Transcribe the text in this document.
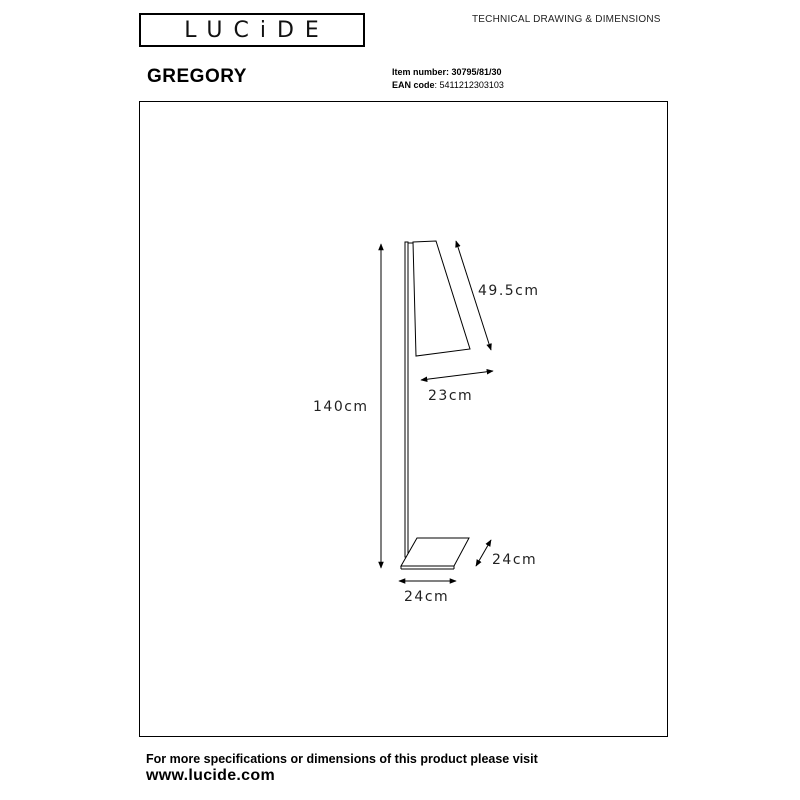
LUCiDE	TECHNICAL DRAWING & DIMENSIONS
GREGORY	Item number: 30795/81/30
EAN code: 5411212303103
140cm
49.5cm
23cm
24cm
24cm
For more specifications or dimensions of this product please visit
www.lucide.com
